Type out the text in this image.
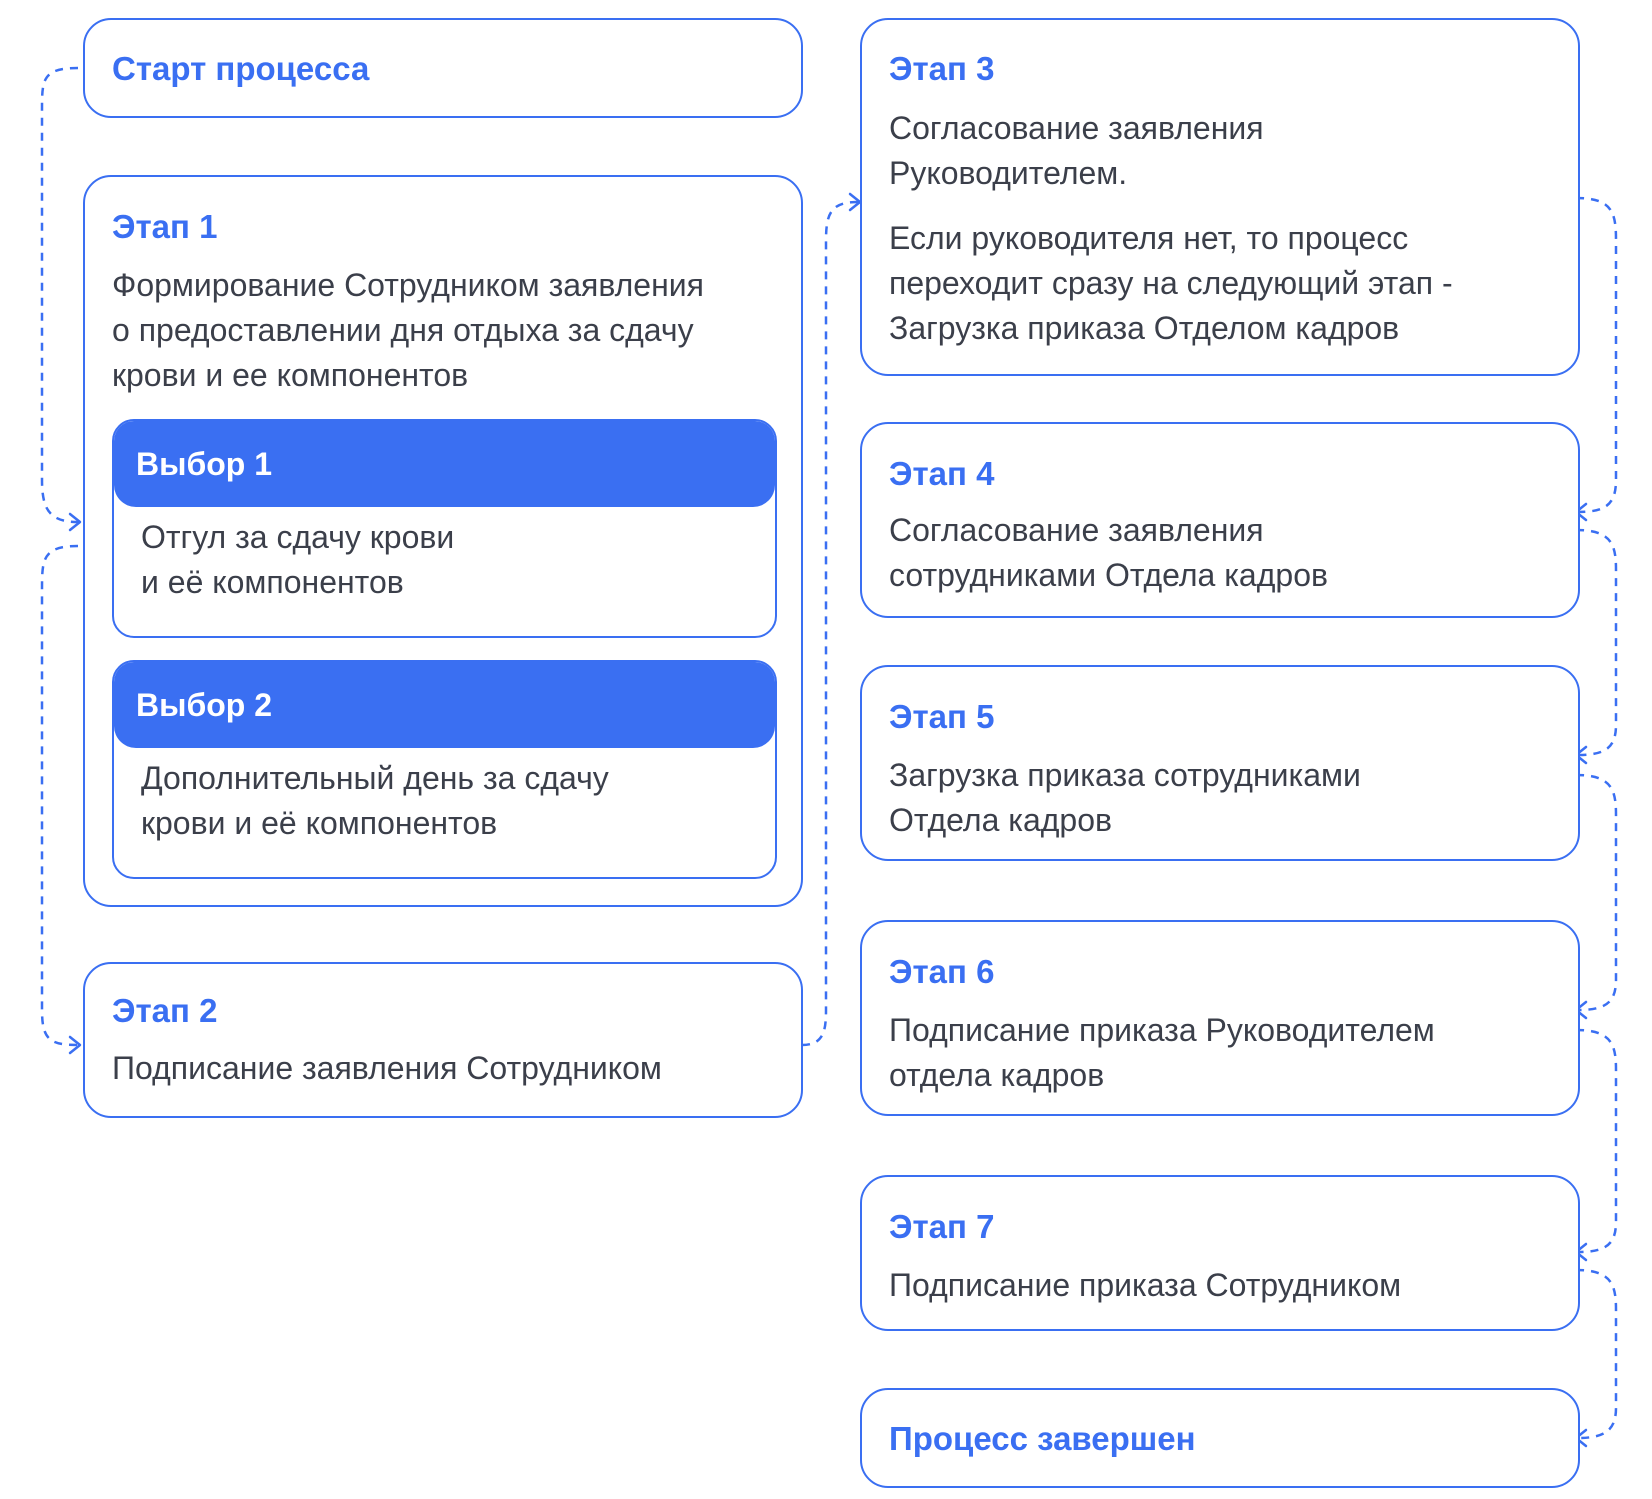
Старт процесса
Этап 1
Формирование Сотрудником заявления
о предоставлении дня отдыха за сдачу
крови и ее компонентов
Выбор 1
Отгул за сдачу крови
и её компонентов
Выбор 2
Дополнительный день за сдачу
крови и её компонентов
Этап 2
Подписание заявления Сотрудником
Этап 3
Согласование заявления
Руководителем.
Если руководителя нет, то процесс
переходит сразу на следующий этап -
Загрузка приказа Отделом кадров
Этап 4
Согласование заявления
сотрудниками Отдела кадров
Этап 5
Загрузка приказа сотрудниками
Отдела кадров
Этап 6
Подписание приказа Руководителем
отдела кадров
Этап 7
Подписание приказа Сотрудником
Процесс завершен
